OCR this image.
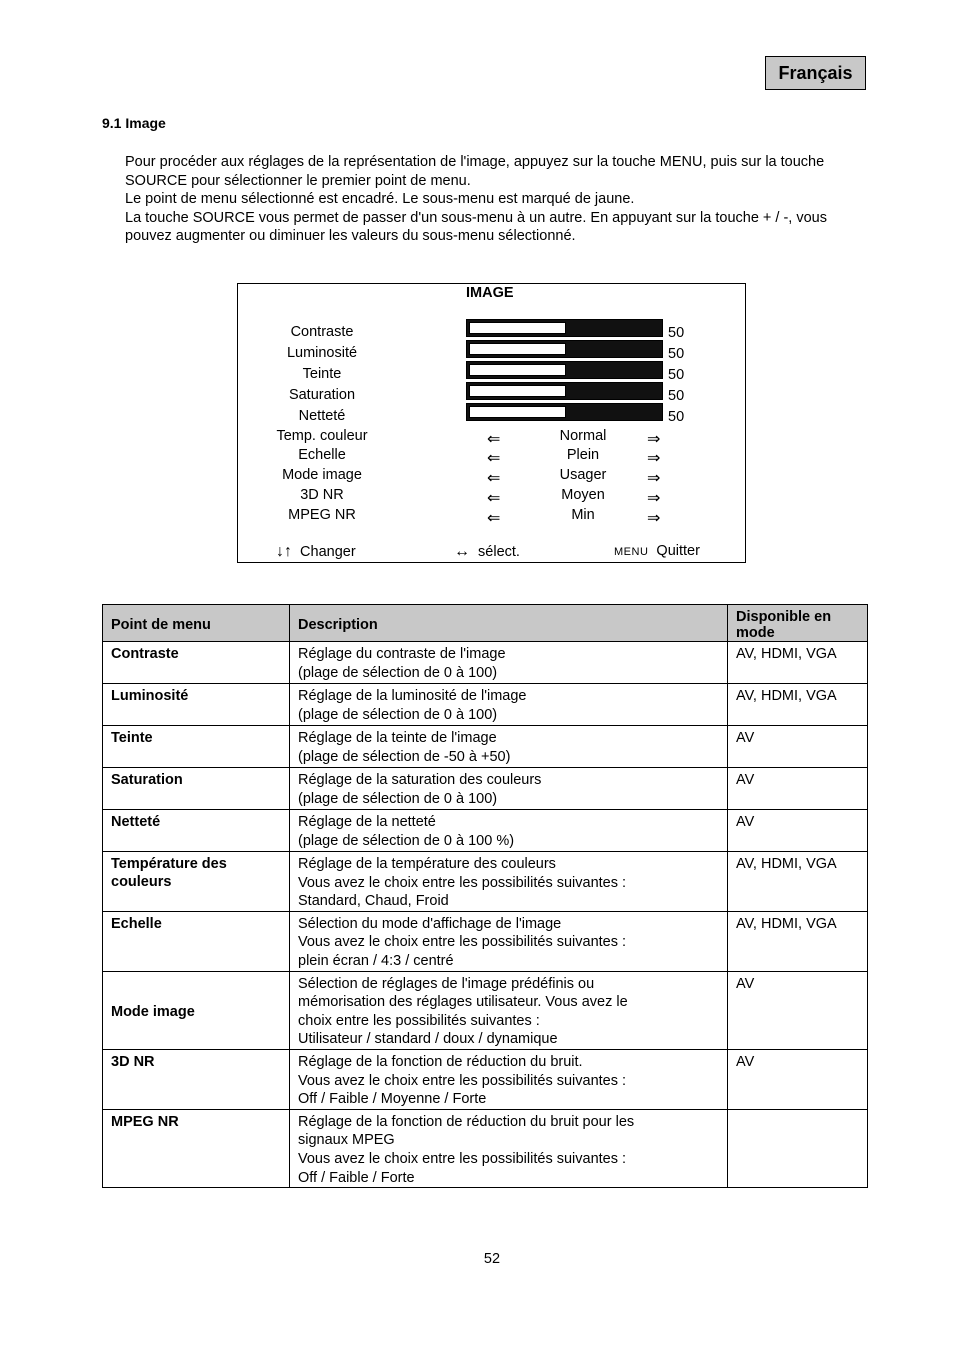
Français
9.1 Image

Pour procéder aux réglages de la représentation de l'image, appuyez sur la touche MENU, puis sur la touche SOURCE pour sélectionner le premier point de menu.

Le point de menu sélectionné est encadré. Le sous-menu est marqué de jaune.

La touche SOURCE vous permet de passer d'un sous-menu à un autre. En appuyant sur la touche + / -, vous pouvez augmenter ou diminuer les valeurs du sous-menu sélectionné.

IMAGE
Contraste	50
Luminosité	50
Teinte	50
Saturation	50
Netteté	50
Temp. couleur	⇐	Normal	⇒
Echelle	⇐	Plein	⇒
Mode image	⇐	Usager	⇒
3D NR	⇐	Moyen	⇒
MPEG NR	⇐	Min	⇒
↓↑ Changer	↔ sélect.	MENU Quitter
Point de menu	Description	Disponible en mode
Contraste	Réglage du contraste de l'image
(plage de sélection de 0 à 100)	AV, HDMI, VGA
Luminosité	Réglage de la luminosité de l'image
(plage de sélection de 0 à 100)	AV, HDMI, VGA
Teinte	Réglage de la teinte de l'image
(plage de sélection de -50 à +50)	AV
Saturation	Réglage de la saturation des couleurs
(plage de sélection de 0 à 100)	AV
Netteté	Réglage de la netteté
(plage de sélection de 0 à 100 %)	AV
Température des couleurs	Réglage de la température des couleurs
Vous avez le choix entre les possibilités suivantes :
Standard, Chaud, Froid	AV, HDMI, VGA
Echelle	Sélection du mode d'affichage de l'image
Vous avez le choix entre les possibilités suivantes :
plein écran / 4:3 / centré	AV, HDMI, VGA
Mode image	Sélection de réglages de l'image prédéfinis ou
mémorisation des réglages utilisateur. Vous avez le
choix entre les possibilités suivantes :
Utilisateur / standard / doux / dynamique	AV
3D NR	Réglage de la fonction de réduction du bruit.
Vous avez le choix entre les possibilités suivantes :
Off / Faible / Moyenne / Forte	AV
MPEG NR	Réglage de la fonction de réduction du bruit pour les
signaux MPEG
Vous avez le choix entre les possibilités suivantes :
Off / Faible / Forte	

52
